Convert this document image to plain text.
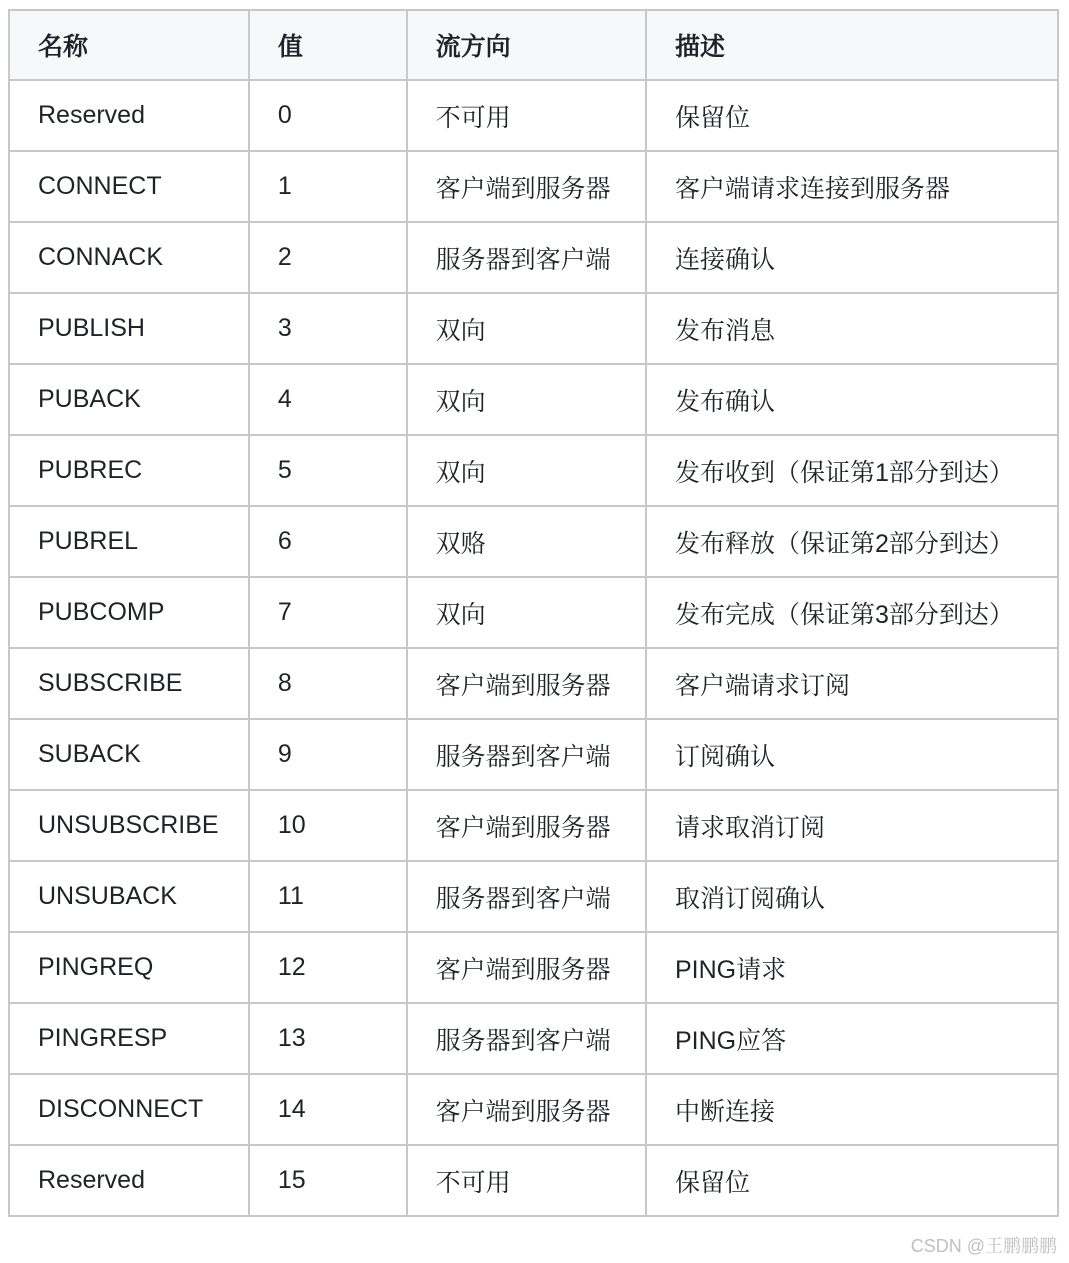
名称	值	流方向	描述
Reserved	0	不可用	保留位
CONNECT	1	客户端到服务器	客户端请求连接到服务器
CONNACK	2	服务器到客户端	连接确认
PUBLISH	3	双向	发布消息
PUBACK	4	双向	发布确认
PUBREC	5	双向	发布收到（保证第1部分到达）
PUBREL	6	双赂	发布释放（保证第2部分到达）
PUBCOMP	7	双向	发布完成（保证第3部分到达）
SUBSCRIBE	8	客户端到服务器	客户端请求订阅
SUBACK	9	服务器到客户端	订阅确认
UNSUBSCRIBE	10	客户端到服务器	请求取消订阅
UNSUBACK	11	服务器到客户端	取消订阅确认
PINGREQ	12	客户端到服务器	PING请求
PINGRESP	13	服务器到客户端	PING应答
DISCONNECT	14	客户端到服务器	中断连接
Reserved	15	不可用	保留位
CSDN @王鹏鹏鹏
